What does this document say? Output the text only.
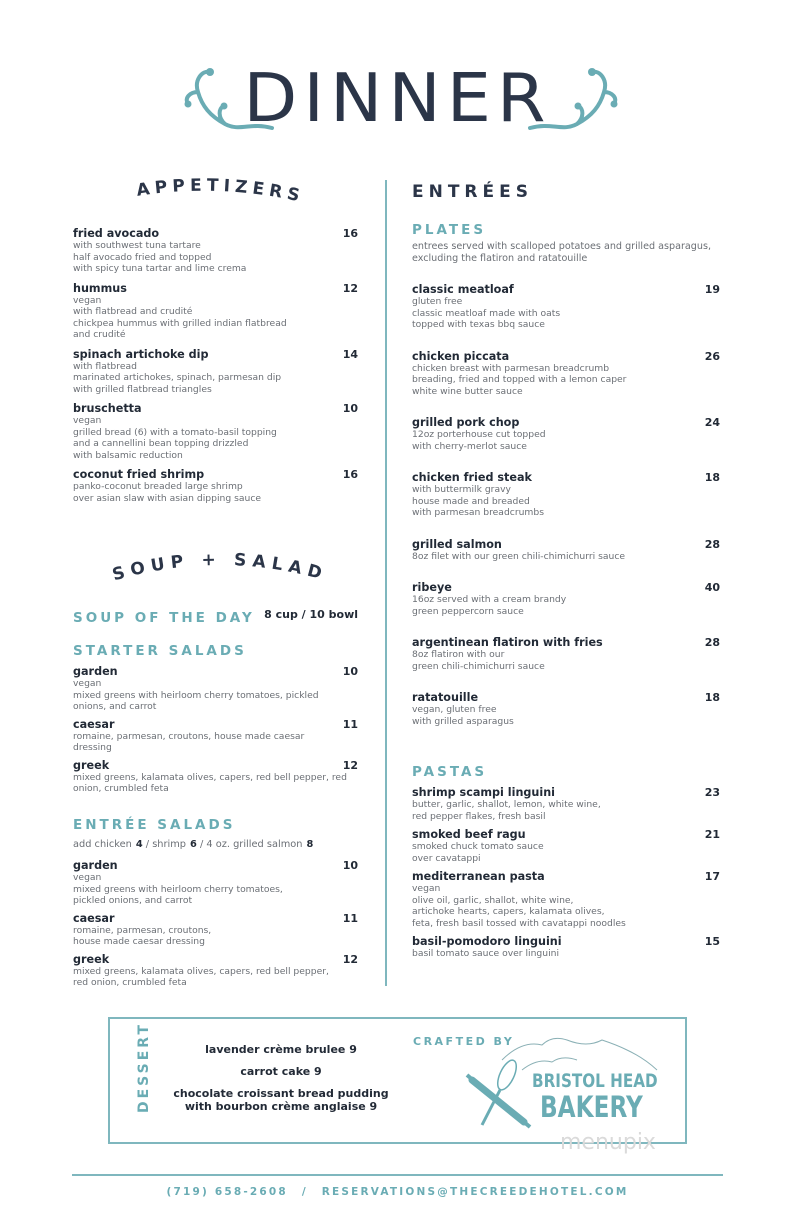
DINNER
APPETIZERS
fried avocado	16
with southwest tuna tartare
half avocado fried and topped
with spicy tuna tartar and lime crema
hummus	12
vegan
with flatbread and crudité
chickpea hummus with grilled indian flatbread
and crudité
spinach artichoke dip	14
with flatbread
marinated artichokes, spinach, parmesan dip
with grilled flatbread triangles
bruschetta	10
vegan
grilled bread (6) with a tomato-basil topping
and a cannellini bean topping drizzled
with balsamic reduction
coconut fried shrimp	16
panko-coconut breaded large shrimp
over asian slaw with asian dipping sauce
SOUP + SALAD
SOUP OF THE DAY 8 cup / 10 bowl
STARTER SALADS
garden	10
vegan
mixed greens with heirloom cherry tomatoes, pickled
onions, and carrot
caesar	11
romaine, parmesan, croutons, house made caesar
dressing
greek	12
mixed greens, kalamata olives, capers, red bell pepper, red
onion, crumbled feta
ENTRÉE SALADS
add chicken 4 / shrimp 6 / 4 oz. grilled salmon 8
garden	10
vegan
mixed greens with heirloom cherry tomatoes,
pickled onions, and carrot
caesar	11
romaine, parmesan, croutons,
house made caesar dressing
greek	12
mixed greens, kalamata olives, capers, red bell pepper,
red onion, crumbled feta
ENTRÉES
PLATES
entrees served with scalloped potatoes and grilled asparagus,
excluding the flatiron and ratatouille
classic meatloaf	19
gluten free
classic meatloaf made with oats
topped with texas bbq sauce
chicken piccata	26
chicken breast with parmesan breadcrumb
breading, fried and topped with a lemon caper
white wine butter sauce
grilled pork chop	24
12oz porterhouse cut topped
with cherry-merlot sauce
chicken fried steak	18
with buttermilk gravy
house made and breaded
with parmesan breadcrumbs
grilled salmon	28
8oz filet with our green chili-chimichurri sauce
ribeye	40
16oz served with a cream brandy
green peppercorn sauce
argentinean flatiron with fries	28
8oz flatiron with our
green chili-chimichurri sauce
ratatouille	18
vegan, gluten free
with grilled asparagus
PASTAS
shrimp scampi linguini	23
butter, garlic, shallot, lemon, white wine,
red pepper flakes, fresh basil
smoked beef ragu	21
smoked chuck tomato sauce
over cavatappi
mediterranean pasta	17
vegan
olive oil, garlic, shallot, white wine,
artichoke hearts, capers, kalamata olives,
feta, fresh basil tossed with cavatappi noodles
basil-pomodoro linguini	15
basil tomato sauce over linguini
DESSERT	lavender crème brulee 9
carrot cake 9
chocolate croissant bread pudding with bourbon crème anglaise 9
CRAFTED BY
BRISTOL HEAD
BAKERY
menupix
(719) 658-2608 / RESERVATIONS@THECREEDEHOTEL.COM
